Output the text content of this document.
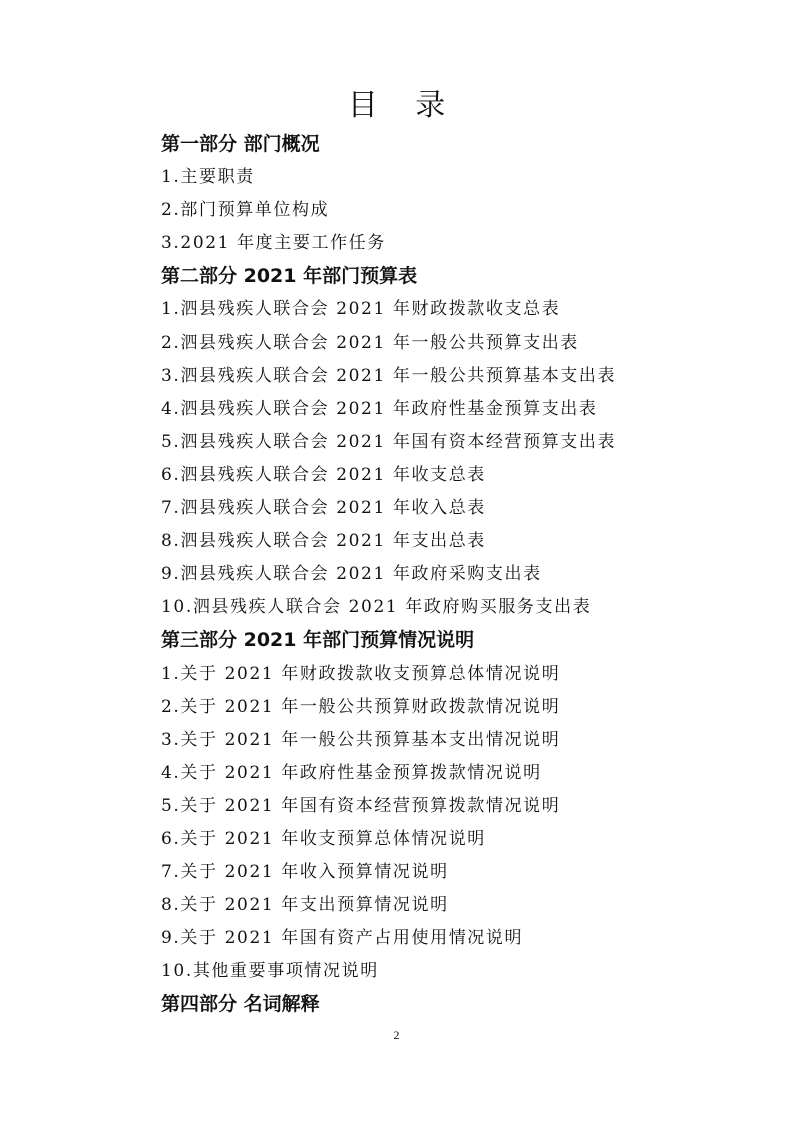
目 录
第一部分 部门概况
1.主要职责
2.部门预算单位构成
3.2021 年度主要工作任务
第二部分 2021 年部门预算表
1.泗县残疾人联合会 2021 年财政拨款收支总表
2.泗县残疾人联合会 2021 年一般公共预算支出表
3.泗县残疾人联合会 2021 年一般公共预算基本支出表
4.泗县残疾人联合会 2021 年政府性基金预算支出表
5.泗县残疾人联合会 2021 年国有资本经营预算支出表
6.泗县残疾人联合会 2021 年收支总表
7.泗县残疾人联合会 2021 年收入总表
8.泗县残疾人联合会 2021 年支出总表
9.泗县残疾人联合会 2021 年政府采购支出表
10.泗县残疾人联合会 2021 年政府购买服务支出表
第三部分 2021 年部门预算情况说明
1.关于 2021 年财政拨款收支预算总体情况说明
2.关于 2021 年一般公共预算财政拨款情况说明
3.关于 2021 年一般公共预算基本支出情况说明
4.关于 2021 年政府性基金预算拨款情况说明
5.关于 2021 年国有资本经营预算拨款情况说明
6.关于 2021 年收支预算总体情况说明
7.关于 2021 年收入预算情况说明
8.关于 2021 年支出预算情况说明
9.关于 2021 年国有资产占用使用情况说明
10.其他重要事项情况说明
第四部分 名词解释
2
